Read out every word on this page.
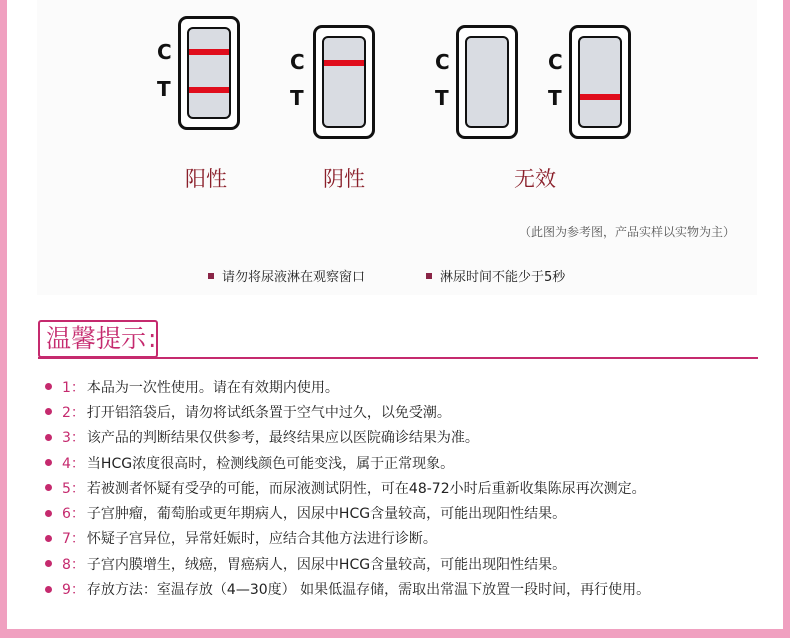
C
T
阳性
C
T
阴性
C
T
C
T
无效
（此图为参考图，产品实样以实物为主）
请勿将尿液淋在观察窗口	淋尿时间不能少于5秒
温馨提示 :
1： 本品为一次性使用。请在有效期内使用。
2： 打开铝箔袋后，请勿将试纸条置于空气中过久，以免受潮。
3： 该产品的判断结果仅供参考，最终结果应以医院确诊结果为准。
4： 当HCG浓度很高时，检测线颜色可能变浅，属于正常现象。
5： 若被测者怀疑有受孕的可能，而尿液测试阴性，可在48-72小时后重新收集陈尿再次测定。
6： 子宫肿瘤，葡萄胎或更年期病人，因尿中HCG含量较高，可能出现阳性结果。
7： 怀疑子宫异位，异常妊娠时，应结合其他方法进行诊断。
8： 子宫内膜增生，绒癌，胃癌病人，因尿中HCG含量较高，可能出现阳性结果。
9： 存放方法：室温存放（4—30度） 如果低温存储，需取出常温下放置一段时间，再行使用。
